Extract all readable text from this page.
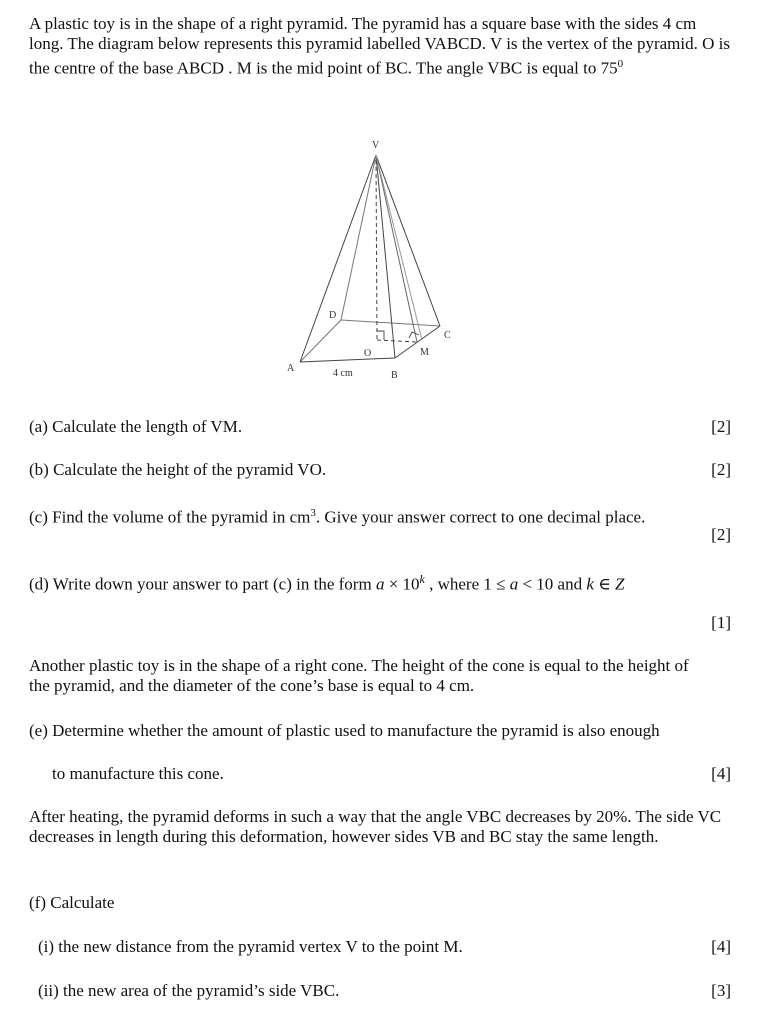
A plastic toy is in the shape of a right pyramid. The pyramid has a square base with the sides 4 cm long. The diagram below represents this pyramid labelled VABCD. V is the vertex of the pyramid. O is the centre of the base ABCD . M is the mid point of BC. The angle VBC is equal to $75^0$

V
D
C
O	M
A
B
4 cm
(a) Calculate the length of VM.	[2]
(b) Calculate the height of the pyramid VO.	[2]
(c) Find the volume of the pyramid in $cm^3$. Give your answer correct to one decimal place.
[2]
(d) Write down your answer to part (c) in the form $a \times 10^k$ , where 1 ≤ a < 10 and k ∈ Z
[1]

Another plastic toy is in the shape of a right cone. The height of the cone is equal to the height of the pyramid, and the diameter of the cone’s base is equal to 4 cm.

(e) Determine whether the amount of plastic used to manufacture the pyramid is also enough
to manufacture this cone.	[4]

After heating, the pyramid deforms in such a way that the angle VBC decreases by 20%. The side VC decreases in length during this deformation, however sides VB and BC stay the same length.

(f) Calculate
(i) the new distance from the pyramid vertex V to the point M.	[4]
(ii) the new area of the pyramid’s side VBC.	[3]
